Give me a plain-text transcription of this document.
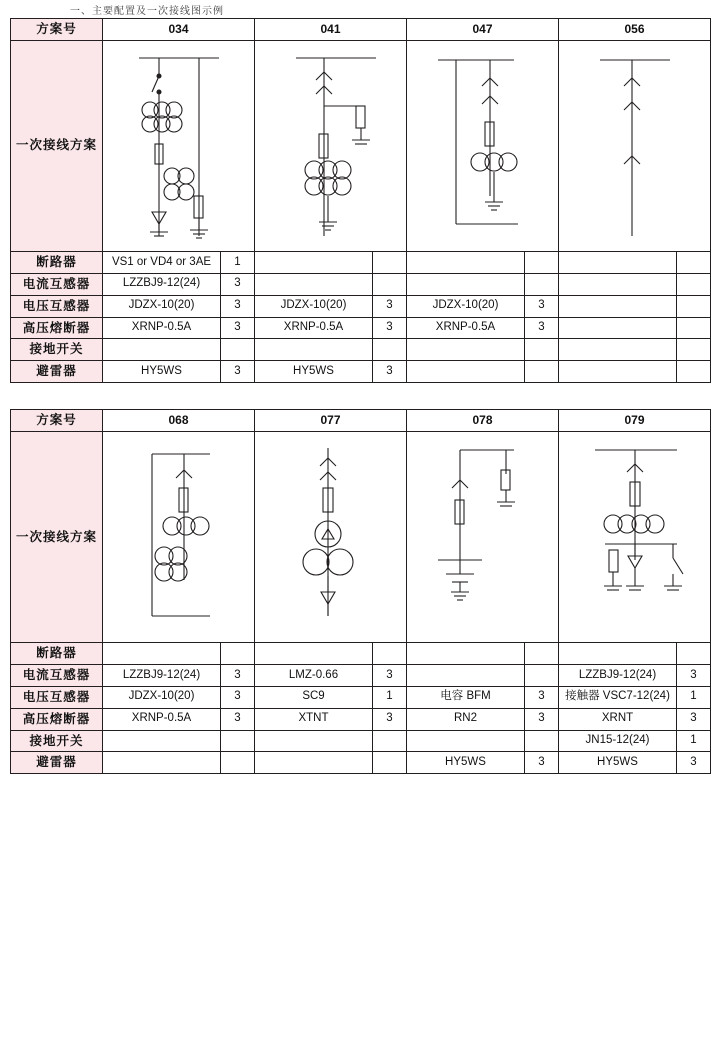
一、主要配置及一次接线图示例
方案号	034		041		047		056	
一次接线方案	

断路器	VS1 or VD4 or 3AE	1						
电流互感器	LZZBJ9-12(24)	3						
电压互感器	JDZX-10(20)	3	JDZX-10(20)	3	JDZX-10(20)	3		
高压熔断器	XRNP-0.5A	3	XRNP-0.5A	3	XRNP-0.5A	3		
接地开关								
避雷器	HY5WS	3	HY5WS	3				
方案号	068		077		078		079	
一次接线方案	

断路器								
电流互感器	LZZBJ9-12(24)	3	LMZ-0.66	3			LZZBJ9-12(24)	3
电压互感器	JDZX-10(20)	3	SC9	1	电容 BFM	3	接触器 VSC7-12(24)	1
高压熔断器	XRNP-0.5A	3	XTNT	3	RN2	3	XRNT	3
接地开关							JN15-12(24)	1
避雷器					HY5WS	3	HY5WS	3
